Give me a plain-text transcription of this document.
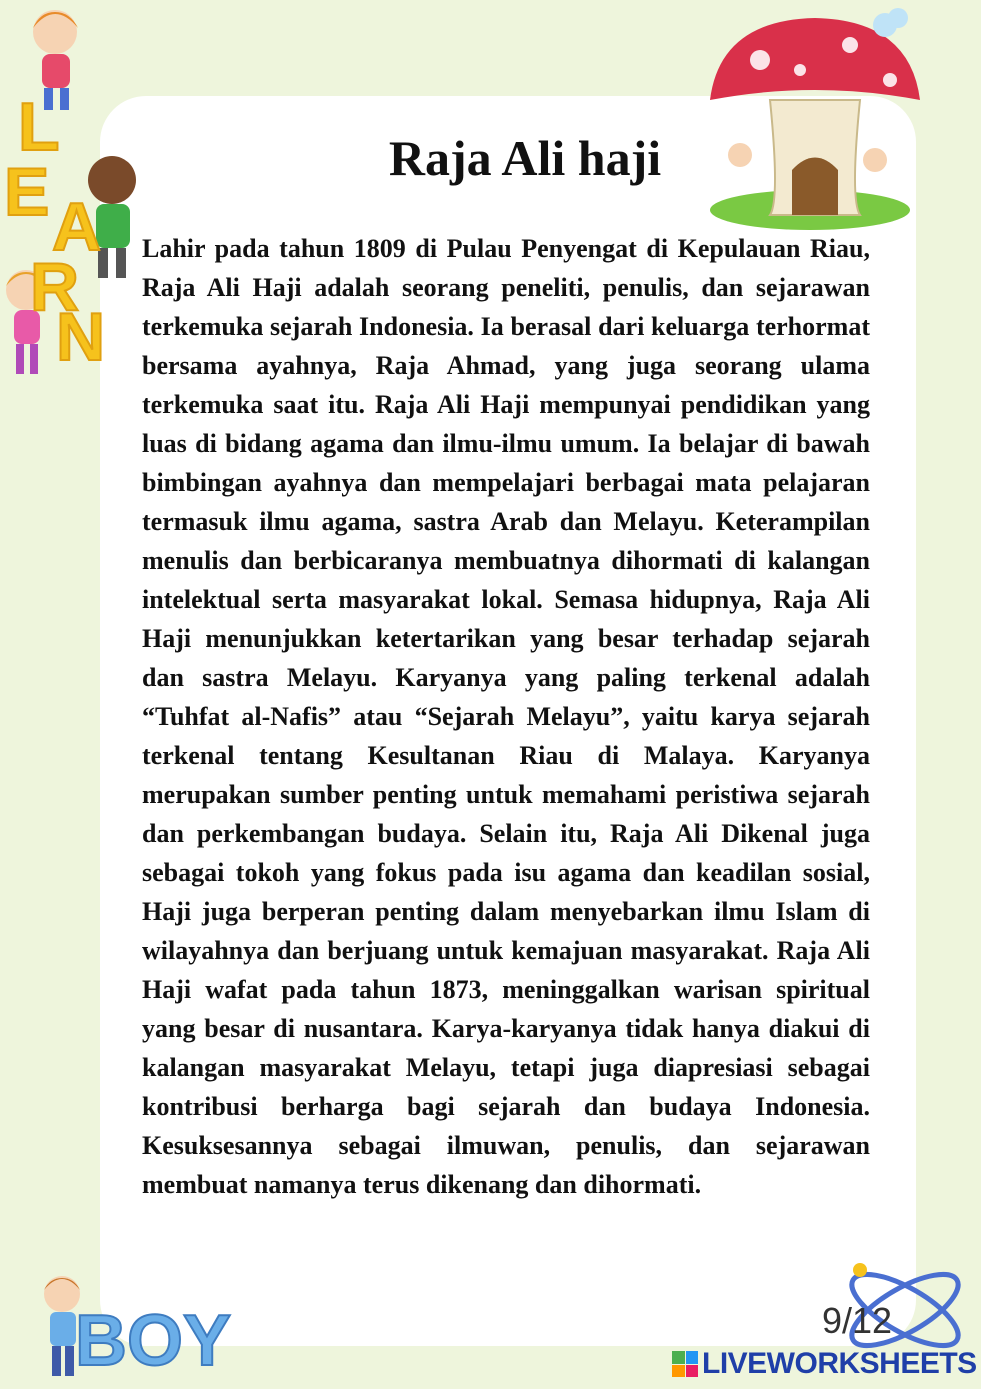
L
E A
R
N
BOY
Raja Ali haji

Lahir pada tahun 1809 di Pulau Penyengat di Kepulauan Riau, Raja Ali Haji adalah seorang peneliti, penulis, dan sejarawan terkemuka sejarah Indonesia. Ia berasal dari keluarga terhormat bersama ayahnya, Raja Ahmad, yang juga seorang ulama terkemuka saat itu. Raja Ali Haji mempunyai pendidikan yang luas di bidang agama dan ilmu-ilmu umum. Ia belajar di bawah bimbingan ayahnya dan mempelajari berbagai mata pelajaran termasuk ilmu agama, sastra Arab dan Melayu. Keterampilan menulis dan berbicaranya membuatnya dihormati di kalangan intelektual serta masyarakat lokal. Semasa hidupnya, Raja Ali Haji menunjukkan ketertarikan yang besar terhadap sejarah dan sastra Melayu. Karyanya yang paling terkenal adalah “Tuhfat al-Nafis” atau “Sejarah Melayu”, yaitu karya sejarah terkenal tentang Kesultanan Riau di Malaya. Karyanya merupakan sumber penting untuk memahami peristiwa sejarah dan perkembangan budaya. Selain itu, Raja Ali Dikenal juga sebagai tokoh yang fokus pada isu agama dan keadilan sosial, Haji juga berperan penting dalam menyebarkan ilmu Islam di wilayahnya dan berjuang untuk kemajuan masyarakat. Raja Ali Haji wafat pada tahun 1873, meninggalkan warisan spiritual yang besar di nusantara. Karya-karyanya tidak hanya diakui di kalangan masyarakat Melayu, tetapi juga diapresiasi sebagai kontribusi berharga bagi sejarah dan budaya Indonesia. Kesuksesannya sebagai ilmuwan, penulis, dan sejarawan membuat namanya terus dikenang dan dihormati.

9/12
LIVEWORKSHEETS
